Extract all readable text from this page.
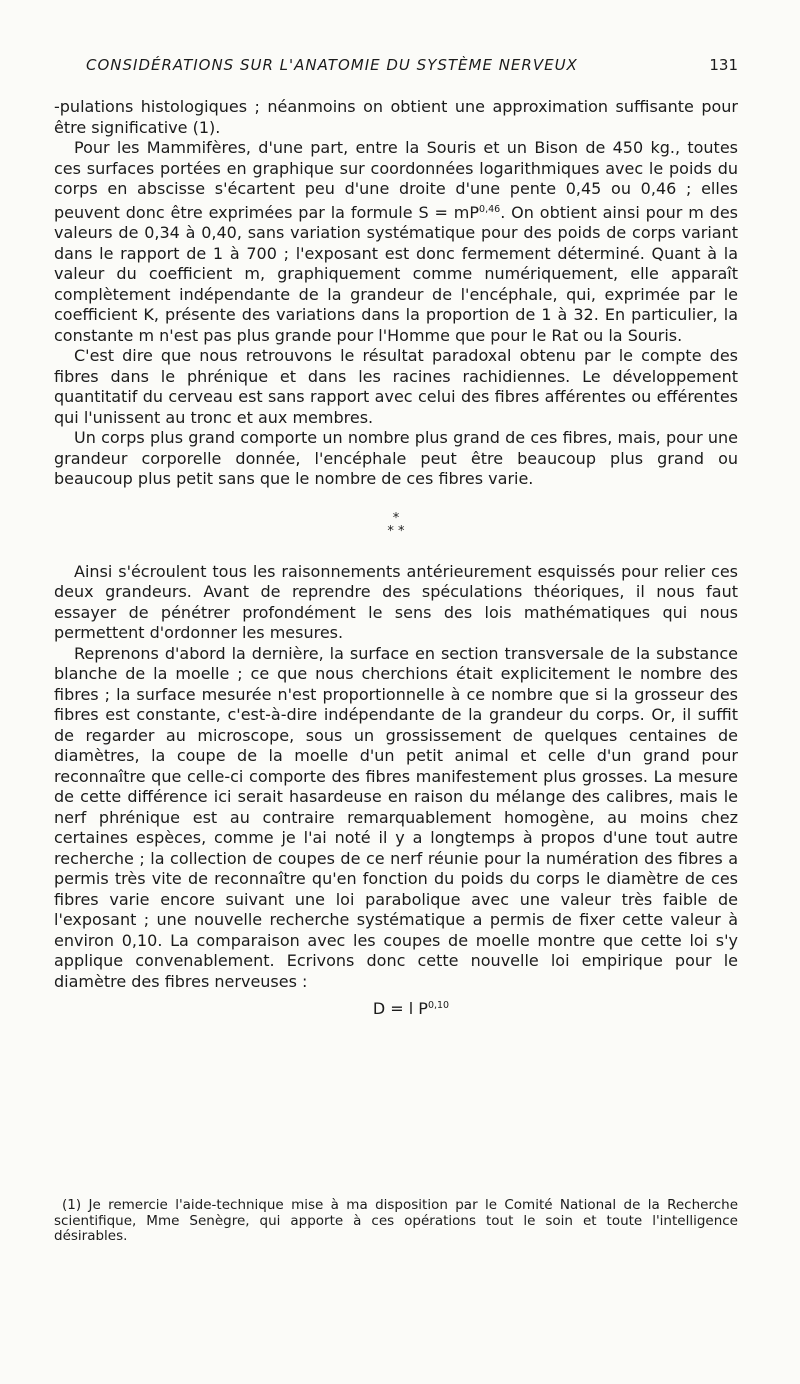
CONSIDÉRATIONS SUR L'ANATOMIE DU SYSTÈME NERVEUX	131

-pulations histologiques ; néanmoins on obtient une approximation suffisante pour être significative (1).

Pour les Mammifères, d'une part, entre la Souris et un Bison de 450 kg., toutes ces surfaces portées en graphique sur coordonnées logarithmiques avec le poids du corps en abscisse s'écartent peu d'une droite d'une pente 0,45 ou 0,46 ; elles peuvent donc être exprimées par la formule S = mP$^{0,46}$. On obtient ainsi pour m des valeurs de 0,34 à 0,40, sans variation systématique pour des poids de corps variant dans le rapport de 1 à 700 ; l'exposant est donc fermement déterminé. Quant à la valeur du coefficient m, graphiquement comme numériquement, elle apparaît complètement indépendante de la grandeur de l'encéphale, qui, exprimée par le coefficient K, présente des variations dans la proportion de 1 à 32. En particulier, la constante m n'est pas plus grande pour l'Homme que pour le Rat ou la Souris.

C'est dire que nous retrouvons le résultat paradoxal obtenu par le compte des fibres dans le phrénique et dans les racines rachidiennes. Le développement quantitatif du cerveau est sans rapport avec celui des fibres afférentes ou efférentes qui l'unissent au tronc et aux membres.

Un corps plus grand comporte un nombre plus grand de ces fibres, mais, pour une grandeur corporelle donnée, l'encéphale peut être beaucoup plus grand ou beaucoup plus petit sans que le nombre de ces fibres varie.

*
* *

Ainsi s'écroulent tous les raisonnements antérieurement esquissés pour relier ces deux grandeurs. Avant de reprendre des spéculations théoriques, il nous faut essayer de pénétrer profondément le sens des lois mathématiques qui nous permettent d'ordonner les mesures.

Reprenons d'abord la dernière, la surface en section transversale de la substance blanche de la moelle ; ce que nous cherchions était explicitement le nombre des fibres ; la surface mesurée n'est proportionnelle à ce nombre que si la grosseur des fibres est constante, c'est-à-dire indépendante de la grandeur du corps. Or, il suffit de regarder au microscope, sous un grossissement de quelques centaines de diamètres, la coupe de la moelle d'un petit animal et celle d'un grand pour reconnaître que celle-ci comporte des fibres manifestement plus grosses. La mesure de cette différence ici serait hasardeuse en raison du mélange des calibres, mais le nerf phrénique est au contraire remarquablement homogène, au moins chez certaines espèces, comme je l'ai noté il y a longtemps à propos d'une tout autre recherche ; la collection de coupes de ce nerf réunie pour la numération des fibres a permis très vite de reconnaître qu'en fonction du poids du corps le diamètre de ces fibres varie encore suivant une loi parabolique avec une valeur très faible de l'exposant ; une nouvelle recherche systématique a permis de fixer cette valeur à environ 0,10. La comparaison avec les coupes de moelle montre que cette loi s'y applique convenablement. Ecrivons donc cette nouvelle loi empirique pour le diamètre des fibres nerveuses :

D = l P$^{0,10}$

(1) Je remercie l'aide-technique mise à ma disposition par le Comité National de la Recherche scientifique, Mme Senègre, qui apporte à ces opérations tout le soin et toute l'intelligence désirables.
